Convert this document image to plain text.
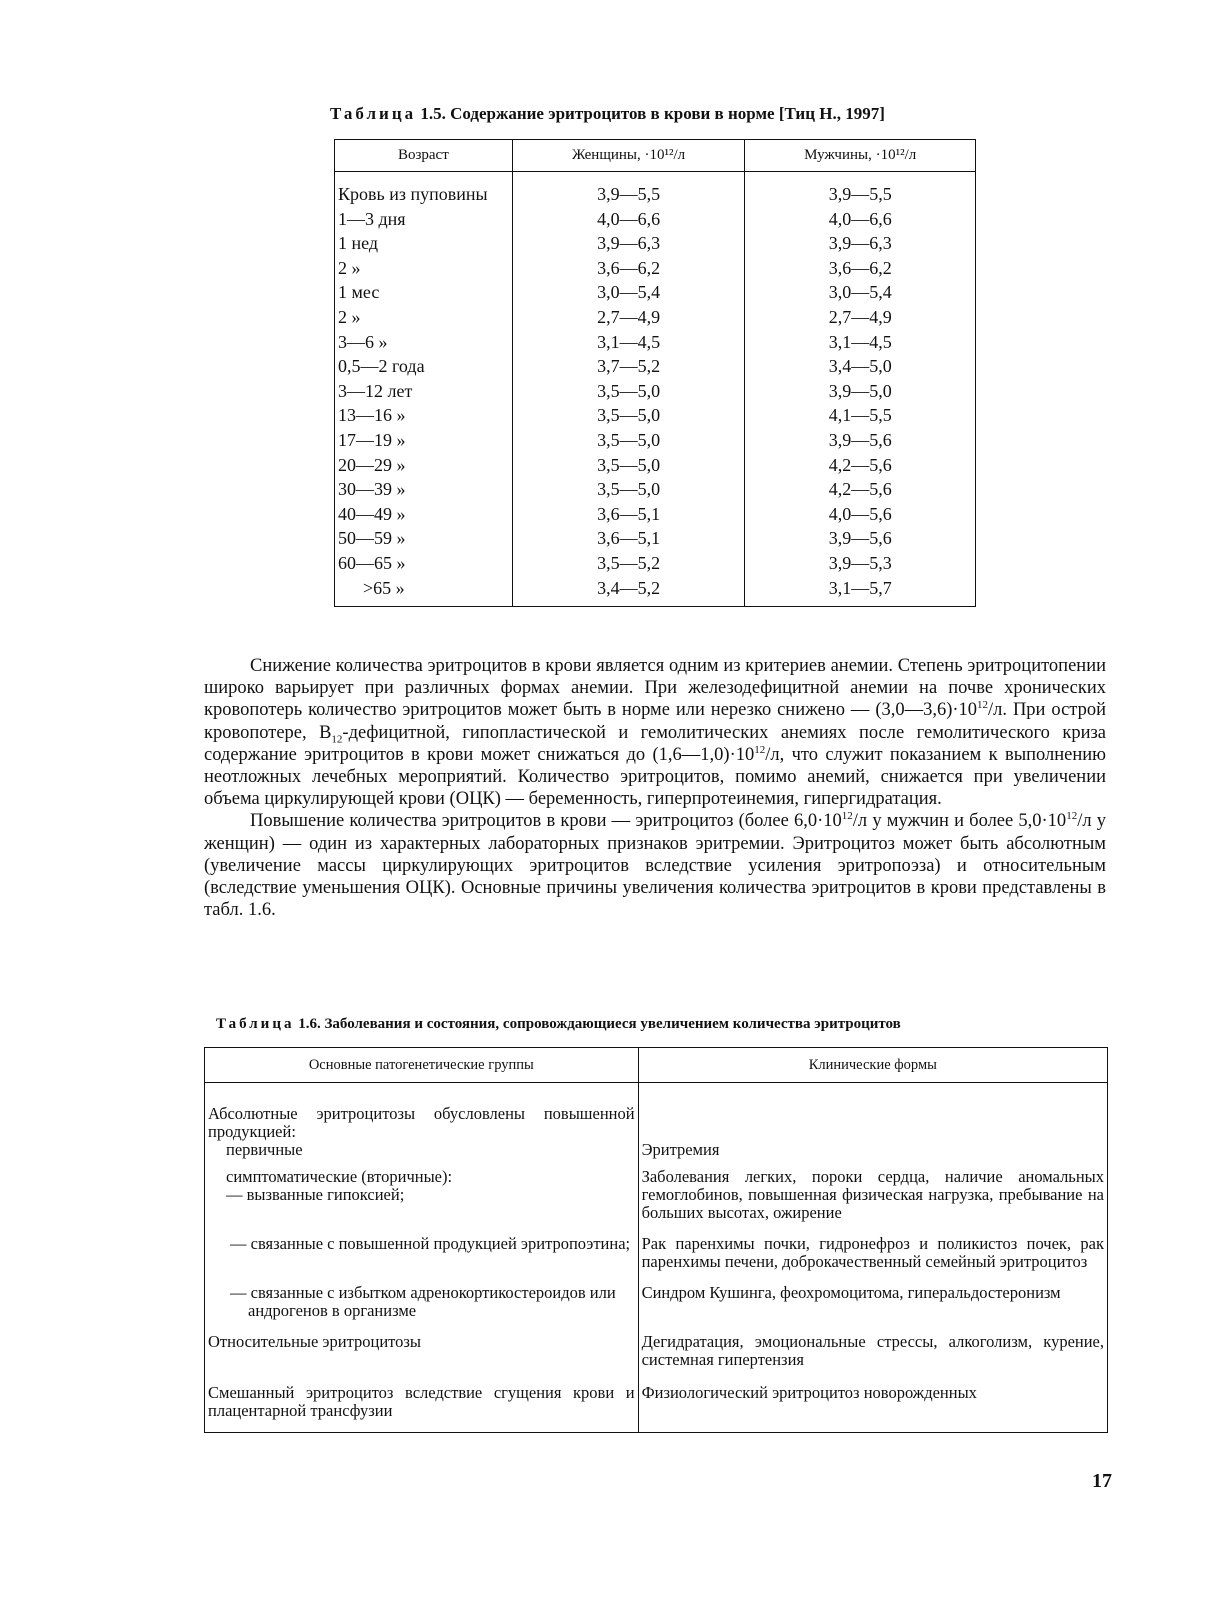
Таблица 1.5. Содержание эритроцитов в крови в норме [Тиц Н., 1997]
Возраст	Женщины, ·10¹²/л	Мужчины, ·10¹²/л
Кровь из пуповины	3,9—5,5	3,9—5,5
1—3 дня	4,0—6,6	4,0—6,6
1 нед	3,9—6,3	3,9—6,3
2 »	3,6—6,2	3,6—6,2
1 мес	3,0—5,4	3,0—5,4
2 »	2,7—4,9	2,7—4,9
3—6 »	3,1—4,5	3,1—4,5
0,5—2 года	3,7—5,2	3,4—5,0
3—12 лет	3,5—5,0	3,9—5,0
13—16 »	3,5—5,0	4,1—5,5
17—19 »	3,5—5,0	3,9—5,6
20—29 »	3,5—5,0	4,2—5,6
30—39 »	3,5—5,0	4,2—5,6
40—49 »	3,6—5,1	4,0—5,6
50—59 »	3,6—5,1	3,9—5,6
60—65 »	3,5—5,2	3,9—5,3
>65 »	3,4—5,2	3,1—5,7

Снижение количества эритроцитов в крови является одним из критериев анемии. Степень эритроцитопении широко варьирует при различных формах анемии. При железодефицитной анемии на почве хронических кровопотерь количество эритроцитов может быть в норме или нерезко снижено — $(3,0—3,6)\cdot 10^{12}/л$. При острой кровопотере, $B_{12}$-дефицитной, гипопластической и гемолитических анемиях после гемолитического криза содержание эритроцитов в крови может снижаться до $(1,6—1,0)\cdot 10^{12}/л$, что служит показанием к выполнению неотложных лечебных мероприятий. Количество эритроцитов, помимо анемий, снижается при увеличении объема циркулирующей крови (ОЦК) — беременность, гиперпротеинемия, гипергидратация.

Повышение количества эритроцитов в крови — эритроцитоз (более $6,0\cdot 10^{12}/л$ у мужчин и более $5,0\cdot 10^{12}/л$ у женщин) — один из характерных лабораторных признаков эритремии. Эритроцитоз может быть абсолютным (увеличение массы циркулирующих эритроцитов вследствие усиления эритропоэза) и относительным (вследствие уменьшения ОЦК). Основные причины увеличения количества эритроцитов в крови представлены в табл. 1.6.

Таблица 1.6. Заболевания и состояния, сопровождающиеся увеличением количества эритроцитов
Основные патогенетические группы	Клинические формы

Абсолютные эритроцитозы обусловлены повышенной продукцией:
первичные	Эритремия

симптоматические (вторичные):
— вызванные гипоксией;	Заболевания легких, пороки сердца, наличие аномальных гемоглобинов, повышенная физическая нагрузка, пребывание на больших высотах, ожирение

— связанные с повышенной продукцией эритропоэтина;	Рак паренхимы почки, гидронефроз и поликистоз почек, рак паренхимы печени, доброкачественный семейный эритроцитоз

— связанные с избытком адренокортикостероидов или андрогенов в организме	Синдром Кушинга, феохромоцитома, гиперальдостеронизм
Относительные эритроцитозы	Дегидратация, эмоциональные стрессы, алкоголизм, курение, системная гипертензия
Смешанный эритроцитоз вследствие сгущения крови и плацентарной трансфузии	Физиологический эритроцитоз новорожденных
17
